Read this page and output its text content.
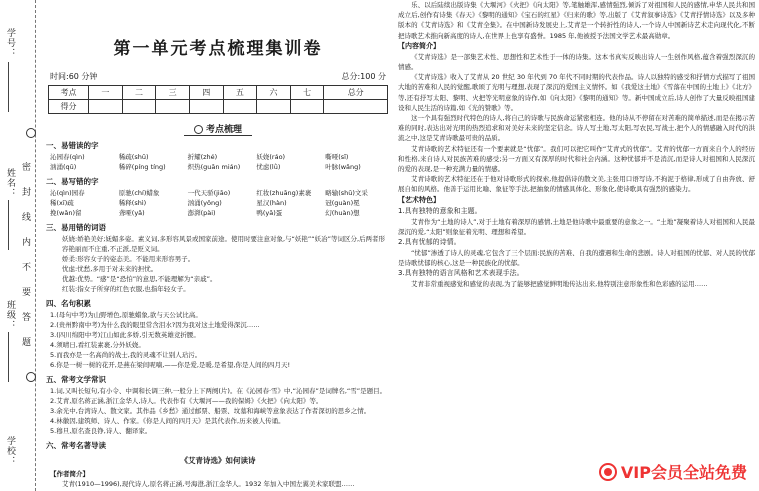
学号：
姓名：
班级：
学校：
密
封
线
内
不
要
答
题
第一单元考点梳理集训卷
时间:60 分钟	总分:100 分
考点	一	二	三	四	五	六	七	总分
得分								
考点梳理
一、易错读的字
沁园春(qìn)	稀疏(shū)	折耀(zhé)	妖娆(ráo)	嘶哑(sī)
汹涌(qū)	稀碎(píng tíng)	炽热(guān mián)	忧虑(lǜ)	叶脉(wǎng)
二、易写错的字
沁(qìn)园春	原驰(chí)蜡象	一代天骄(jiāo)	红妆(zhuāng)素裹	略输(shū)文采
稀(xī)疏	稀释(shì)	汹涌(yǒng)	星汉(hàn)	冠(guàn)冕
挽(wǎn)留	聋哑(yǎ)	澎湃(pài)	鸭(yā)蛋	幻(huàn)想
三、易用错的词语
妖娆:娇艳美好;妩媚多姿。素义词,多形容风景或国家前途。使用时要注意对象,与“妖艳”“妖冶”等词区分,后两者形容艳丽而不庄重,不正派,是贬义词。
娇柔:形容女子的姿态美。不能用来形容男子。
忧虑:忧愁,多用于对未来的担忧。
优越:优势。“感”是“恐怕”的意思,不能理解为“亲戚”。
红装:指女子所穿的红色衣服,也指年轻女子。
四、名句积累
1.(母句中考)为山野增色,原驰蜡象,欲与天公试比高。
2.(贵州黔南中考)为什么我的眼里常含泪水?因为我对这土地爱得深沉……
3.(四川绵阳中考)江山如此多娇,引无数英雄竞折腰。
4.须晴日,看红装素裹,分外妖娆。
5.而我亦是一名高尚的战士,我的灵魂不让别人玷污。
6.你是一树一树的花开,是燕在梁间呢喃,——你是爱,是暖,是希望,你是人间的四月天!
五、常考文学常识
1.词,又叫长短句,有小令、中调和长调三种,一般分上下两阕(片)。在《沁园春·雪》中,“沁园春”是词牌名,“雪”是题目。
2.艾青,原名蒋正涵,浙江金华人,诗人。代表作有《大堰河——我的保姆》《火把》《向太阳》等。
3.余光中,台湾诗人、散文家。其作品《乡愁》通过邮票、船票、坟墓和海峡等意象表达了作者深切的思乡之情。
4.林徽因,建筑师、诗人、作家。《你是人间的四月天》是其代表作,历来被人传诵。
5.穆旦,原名查良铮,诗人、翻译家。
六、常考名著导读
《艾青诗选》如何读诗
【作者简介】
艾青(1910—1996),现代诗人,原名蒋正涵,号海澄,浙江金华人。1932 年加入中国左翼美术家联盟……

乐、以后陆续出版诗集《大堰河》《火把》《向太阳》等,笔触雄浑,感情强烈,倾诉了对祖国和人民的感情,申华人民共和国成立后,创作有诗集《春天》《黎明的通知》《宝石的红星》《归来的歌》等,出版了《艾青叙事诗选》《艾青抒情诗选》以及多种版本的《艾青诗选》和《艾青全集》。在中国新诗发展史上,艾青是一个转折性的诗人,一个诗人中国新诗艺术走向现代化,不断把诗歌艺术推向新高度的诗人,在世界上也享有盛誉。1985 年,他被授予法国文学艺术最高勋章。

【内容简介】

《艾青诗选》是一部集艺术性、思想性和艺术性于一体的诗集。这本书真实反映出诗人一生创作风格,蕴含着强烈深沉的情感。

《艾青诗选》收入了艾青从 20 世纪 30 年代到 70 年代不同时期的代表作品。诗人以独特的感受和抒情方式描写了祖国大地的苦难和人民的觉醒,歌颂了光明与理想,表现了深沉的爱国主义情怀。如《我爱这土地》《雪落在中国的土地上》《北方》等,还有抒写太阳、黎明、火把等光明意象的诗作,如《向太阳》《黎明的通知》等。新中国成立后,诗人创作了大量反映祖国建设和人民生活的诗篇,如《光的赞歌》等。

这一个具有强烈时代特色的诗人,将自己的诗歌与民族命运紧密相连。他的诗从不停留在对苦难的简单描述,而是在揭示苦难的同时,表达出对光明的热烈追求和对美好未来的坚定信念。诗人写土地,写太阳,写农民,写战士,把个人的情感融入时代的洪流之中,这是艾青诗歌最可贵的品质。

艾青诗歌的艺术特征还有一个要素就是“忧郁”。我们可以把它叫作“艾青式的忧郁”。艾青的忧郁一方面来自个人的经历和性格,来自诗人对民族苦难的感受;另一方面又有深厚的时代和社会内涵。这种忧郁并不是消沉,而是诗人对祖国和人民深沉的爱的表现,是一种充满力量的情感。

艾青诗歌的艺术特征还在于他对诗歌形式的探索,他提倡诗的散文美,主张用口语写诗,不拘泥于格律,形成了自由奔放、舒展自如的风格。他善于运用比喻、象征等手法,把抽象的情感具体化、形象化,使诗歌具有强烈的感染力。

【艺术特色】

1.具有独特的意象和主题。

艾青作为“土地的诗人”,对于土地有着深厚的感情,土地是他诗歌中最重要的意象之一。“土地”凝聚着诗人对祖国和人民最深沉的爱,“太阳”则象征着光明、理想和希望。

2.具有忧郁的诗情。

“忧郁”渗透了诗人的灵魂,它包含了三个层面:民族的苦难、自我的遭遇和生命的悲剧。诗人对祖国的忧郁、对人民的忧郁是诗歌忧郁的核心,这是一种民族化的忧郁。

3.具有独特的语言风格和艺术表现手法。

艾青非常重视感觉和感觉的表现,为了能够把感觉鲜明地传达出来,他特别注意形象性和色彩感的运用……

VIP会员全站免费
